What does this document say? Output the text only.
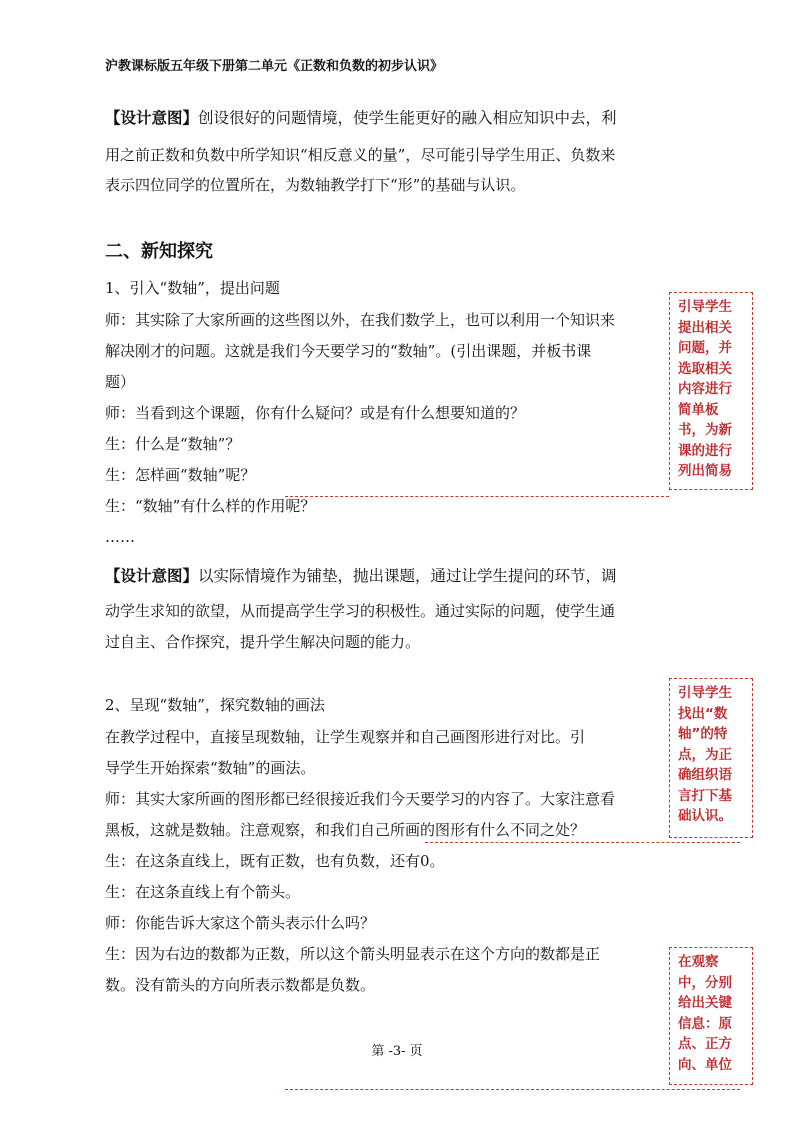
沪教课标版五年级下册第二单元《正数和负数的初步认识》
【设计意图】创设很好的问题情境，使学生能更好的融入相应知识中去，利
用之前正数和负数中所学知识“相反意义的量”，尽可能引导学生用正、负数来
表示四位同学的位置所在，为数轴教学打下“形”的基础与认识。
二、新知探究
1、引入“数轴”，提出问题
师：其实除了大家所画的这些图以外，在我们数学上，也可以利用一个知识来
解决刚才的问题。这就是我们今天要学习的“数轴”。(引出课题，并板书课
题）
师：当看到这个课题，你有什么疑问？或是有什么想要知道的？
生：什么是“数轴”？
生：怎样画“数轴”呢？
生：“数轴”有什么样的作用呢？
……
【设计意图】以实际情境作为铺垫，抛出课题，通过让学生提问的环节，调
动学生求知的欲望，从而提高学生学习的积极性。通过实际的问题，使学生通
过自主、合作探究，提升学生解决问题的能力。
2、呈现“数轴”，探究数轴的画法
在教学过程中，直接呈现数轴，让学生观察并和自己画图形进行对比。引
导学生开始探索“数轴”的画法。
师：其实大家所画的图形都已经很接近我们今天要学习的内容了。大家注意看
黑板，这就是数轴。注意观察，和我们自己所画的图形有什么不同之处？
生：在这条直线上，既有正数，也有负数，还有0。
生：在这条直线上有个箭头。
师：你能告诉大家这个箭头表示什么吗？
生：因为右边的数都为正数，所以这个箭头明显表示在这个方向的数都是正
数。没有箭头的方向所表示数都是负数。
引导学生
提出相关
问题，并
选取相关
内容进行
简单板
书，为新
课的进行
列出简易
引导学生
找出“数
轴”的特
点，为正
确组织语
言打下基
础认识。
在观察
中，分别
给出关键
信息：原
点、正方
向、单位
第 -3- 页
